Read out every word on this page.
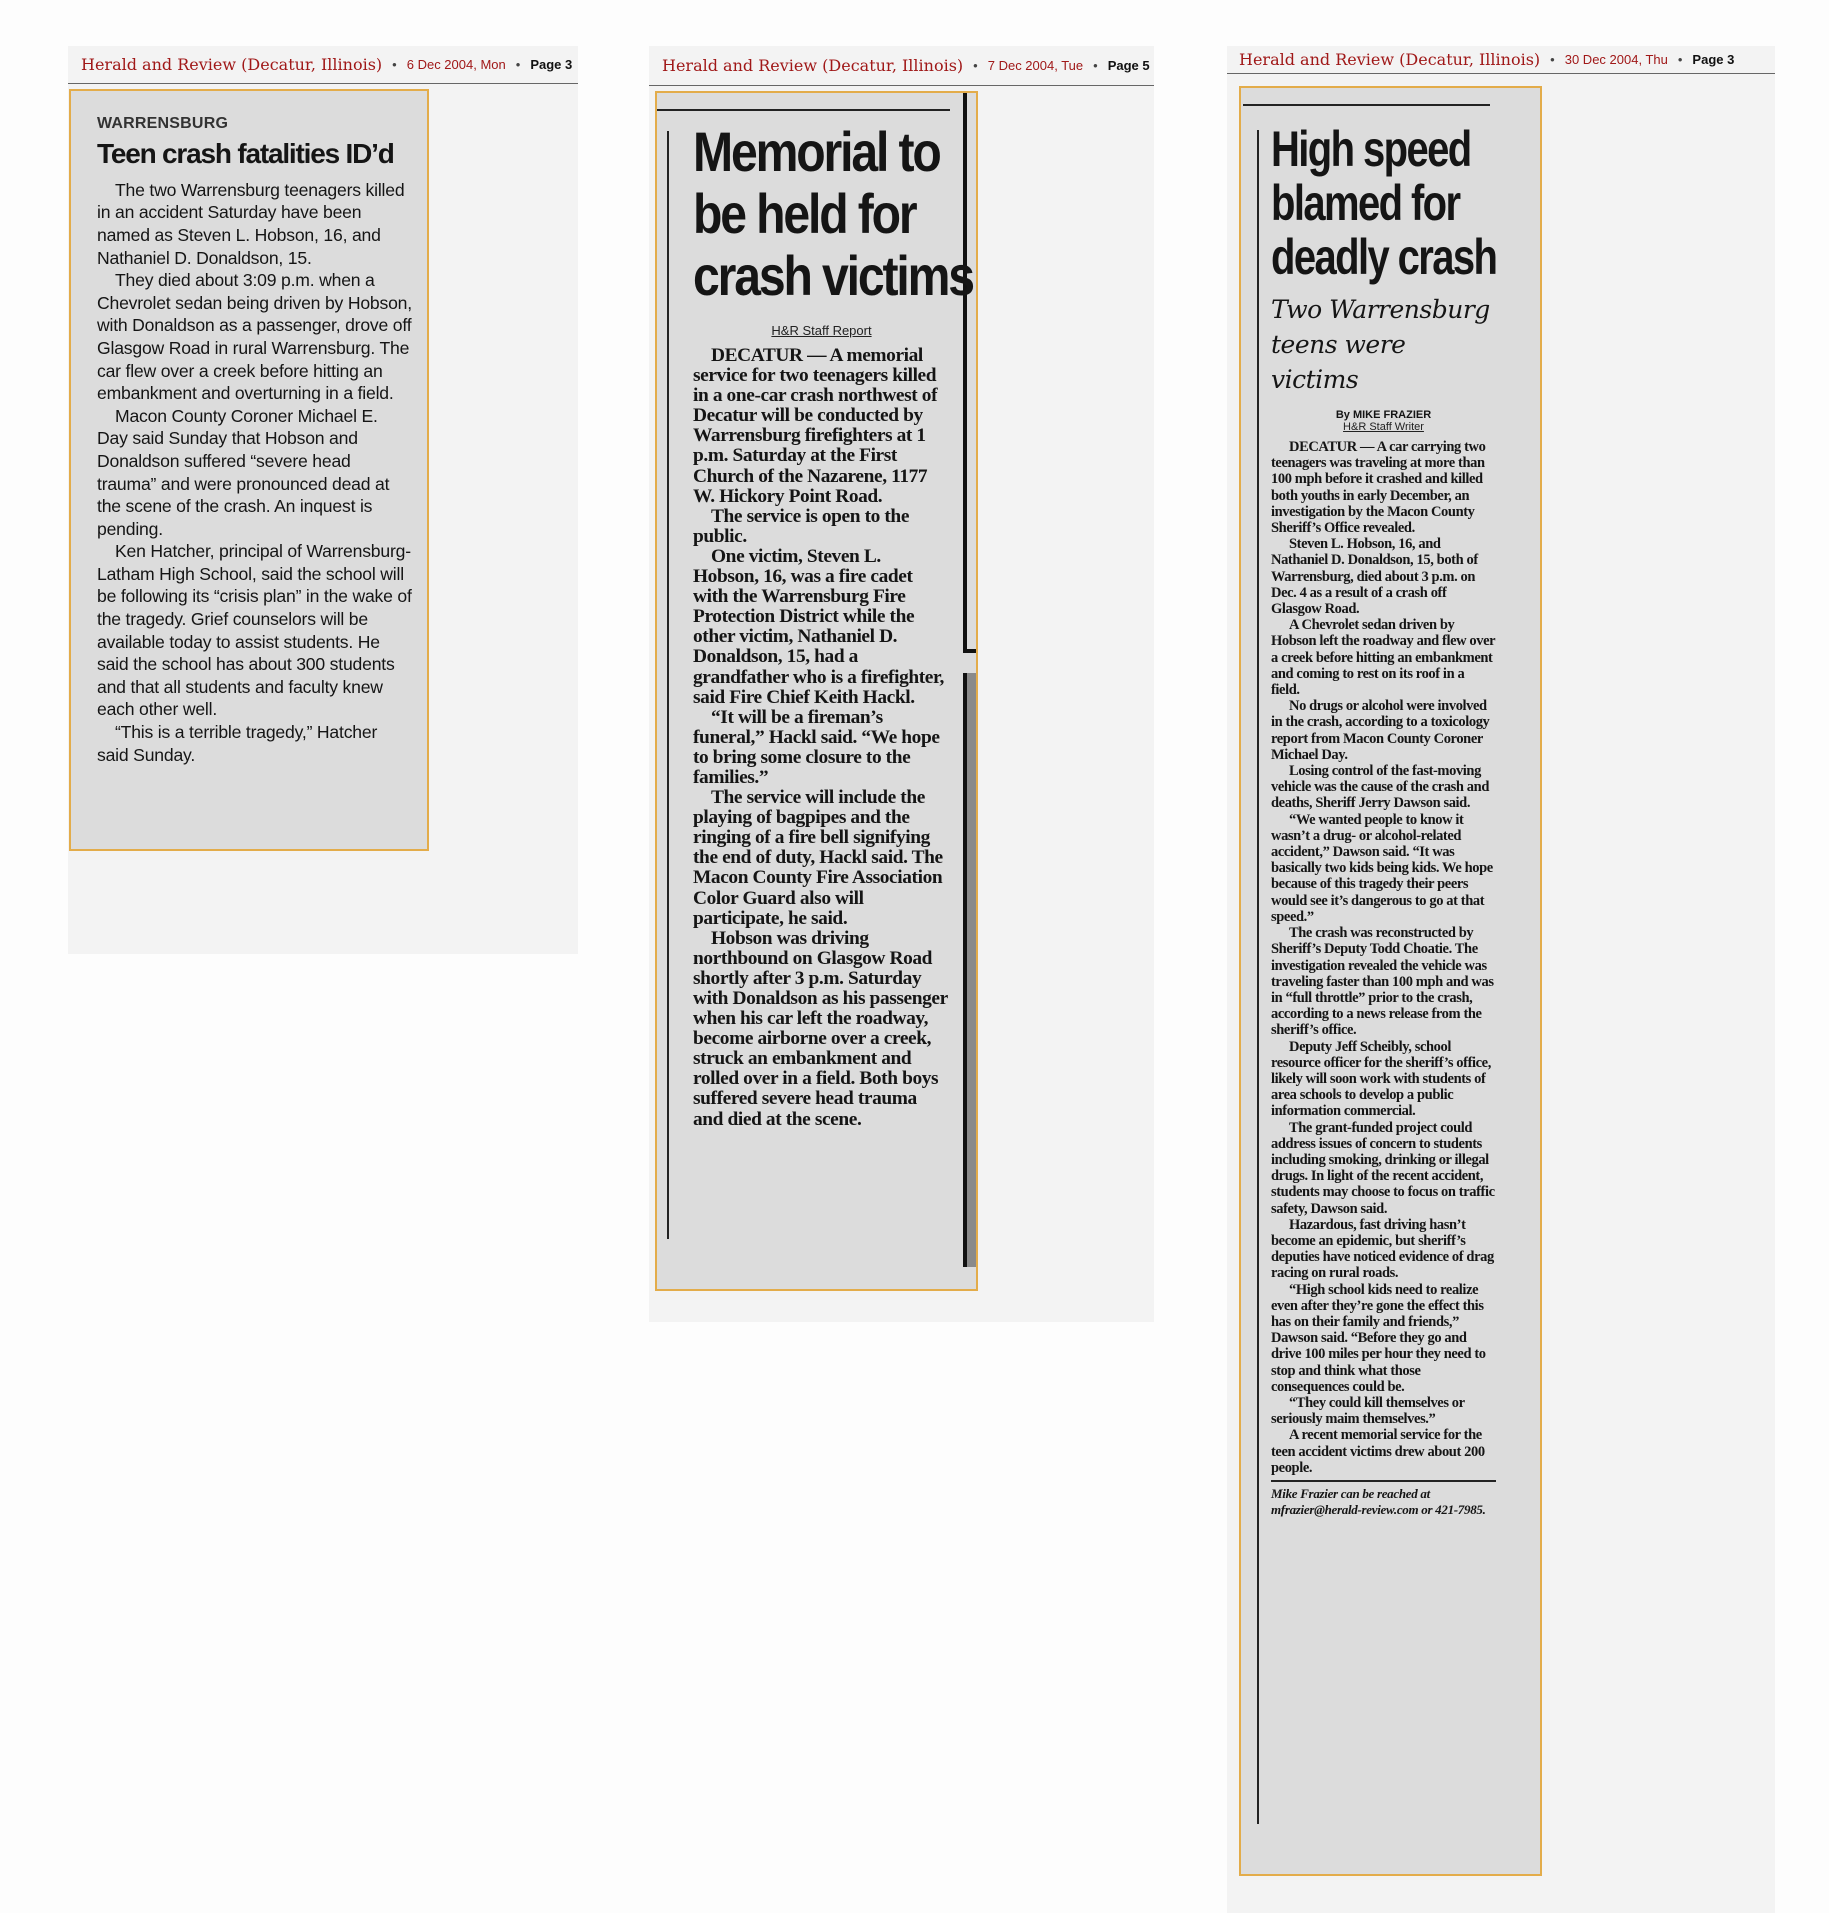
Herald and Review (Decatur, Illinois) • 6 Dec 2004, Mon • Page 3
WARRENSBURG
Teen crash fatalities ID’d

The two Warrensburg teenagers killed in an accident Saturday have been named as Steven L. Hobson, 16, and Nathaniel D. Donaldson, 15.

They died about 3:09 p.m. when a Chevrolet sedan being driven by Hobson, with Donaldson as a passenger, drove off Glasgow Road in rural Warrensburg. The car flew over a creek before hitting an embankment and overturning in a field.

Macon County Coroner Michael E. Day said Sunday that Hobson and Donaldson suffered “severe head trauma” and were pronounced dead at the scene of the crash. An inquest is pending.

Ken Hatcher, principal of Warrensburg-Latham High School, said the school will be following its “crisis plan” in the wake of the tragedy. Grief counselors will be available today to assist students. He said the school has about 300 students and that all students and faculty knew each other well.

“This is a terrible tragedy,” Hatcher said Sunday.

Herald and Review (Decatur, Illinois) • 7 Dec 2004, Tue • Page 5
Memorial to
be held for
crash victims
H&R Staff Report

DECATUR — A memorial service for two teenagers killed in a one-car crash northwest of Decatur will be conducted by Warrensburg firefighters at 1 p.m. Saturday at the First Church of the Nazarene, 1177 W. Hickory Point Road.

The service is open to the public.

One victim, Steven L. Hobson, 16, was a fire cadet with the Warrensburg Fire Protection District while the other victim, Nathaniel D. Donaldson, 15, had a grandfather who is a firefighter, said Fire Chief Keith Hackl.

“It will be a fireman’s funeral,” Hackl said. “We hope to bring some closure to the families.”

The service will include the playing of bagpipes and the ringing of a fire bell signifying the end of duty, Hackl said. The Macon County Fire Association Color Guard also will participate, he said.

Hobson was driving northbound on Glasgow Road shortly after 3 p.m. Saturday with Donaldson as his passenger when his car left the roadway, become airborne over a creek, struck an embankment and rolled over in a field. Both boys suffered severe head trauma and died at the scene.

Herald and Review (Decatur, Illinois) • 30 Dec 2004, Thu • Page 3
High speed
blamed for
deadly crash
Two Warrensburg
teens were victims
By MIKE FRAZIER
H&R Staff Writer

DECATUR — A car carrying two teenagers was traveling at more than 100 mph before it crashed and killed both youths in early December, an investigation by the Macon County Sheriff’s Office revealed.

Steven L. Hobson, 16, and Nathaniel D. Donaldson, 15, both of Warrensburg, died about 3 p.m. on Dec. 4 as a result of a crash off Glasgow Road.

A Chevrolet sedan driven by Hobson left the roadway and flew over a creek before hitting an embankment and coming to rest on its roof in a field.

No drugs or alcohol were involved in the crash, according to a toxicology report from Macon County Coroner Michael Day.

Losing control of the fast-moving vehicle was the cause of the crash and deaths, Sheriff Jerry Dawson said.

“We wanted people to know it wasn’t a drug- or alcohol-related accident,” Dawson said. “It was basically two kids being kids. We hope because of this tragedy their peers would see it’s dangerous to go at that speed.”

The crash was reconstructed by Sheriff’s Deputy Todd Choatie. The investigation revealed the vehicle was traveling faster than 100 mph and was in “full throttle” prior to the crash, according to a news release from the sheriff’s office.

Deputy Jeff Scheibly, school resource officer for the sheriff’s office, likely will soon work with students of area schools to develop a public information commercial.

The grant-funded project could address issues of concern to students including smoking, drinking or illegal drugs. In light of the recent accident, students may choose to focus on traffic safety, Dawson said.

Hazardous, fast driving hasn’t become an epidemic, but sheriff’s deputies have noticed evidence of drag racing on rural roads.

“High school kids need to realize even after they’re gone the effect this has on their family and friends,” Dawson said. “Before they go and drive 100 miles per hour they need to stop and think what those consequences could be.

“They could kill themselves or seriously maim themselves.”

A recent memorial service for the teen accident victims drew about 200 people.

Mike Frazier can be reached at mfrazier@herald-review.com or 421-7985.
